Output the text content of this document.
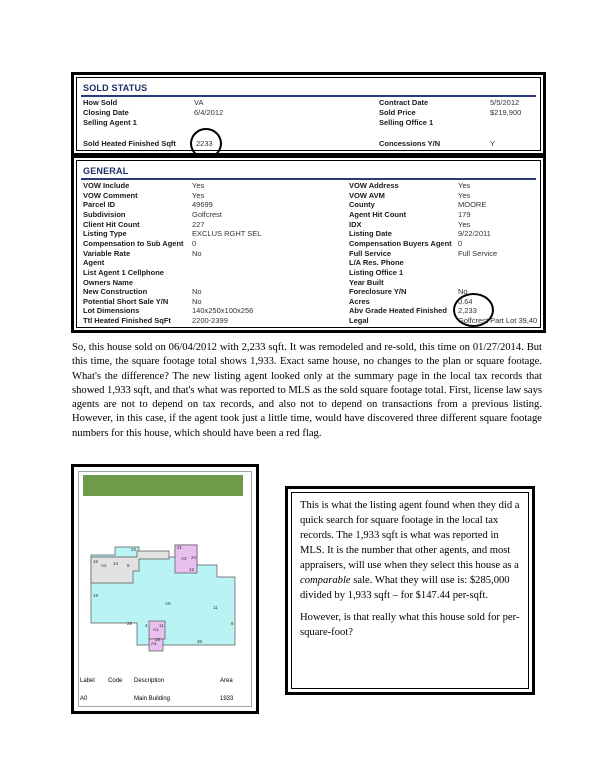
SOLD STATUS
How Sold	VA
Closing Date	6/4/2012
Selling Agent 1
Sold Heated Finished Sqft	2233
Contract Date	5/5/2012
Sold Price	$219,900
Selling Office 1
Concessions Y/N	Y
GENERAL
VOW Include	Yes
VOW Comment	Yes
Parcel ID	49699
Subdivision	Golfcrest
Client Hit Count	227
Listing Type	EXCLUS RGHT SEL
Compensation to Sub Agent 0
Variable Rate	No
Agent
List Agent 1 Cellphone
Owners Name
New Construction	No
Potential Short Sale Y/N	No
Lot Dimensions	140x250x100x256
Ttl Heated Finished SqFt	2200-2399
VOW Address	Yes
VOW AVM	Yes
County	MOORE
Agent Hit Count	179
IDX	Yes
Listing Date	9/22/2011
Compensation Buyers Agent 0
Full Service	Full Service
L/A Res. Phone
Listing Office 1
Year Built
Foreclosure Y/N	No
Acres	0.64
Abv Grade Heated Finished 2,233
Legal	Golfcrest Part Lot 39,40
So, this house sold on 06/04/2012 with 2,233 sqft. It was remodeled and re-sold, this time on 01/27/2014. But this time, the square footage total shows 1,933. Exact same house, no changes to the plan or square footage. What's the difference? The new listing agent looked only at the summary page in the local tax records that showed 1,933 sqft, and that's what was reported to MLS as the sold square footage total. First, license law says agents are not to depend on tax records, and also not to depend on transactions from a previous listing. However, in this case, if the agent took just a little time, would have discovered three different square footage numbers for this house, which should have been a red flag.
16
A2 14
22
8
21
A3 24
12
19
A0
11
29	4
A1
A4
11
10	38
6
Label Code Description	Area
A0	Main Building	1933

This is what the listing agent found when they did a quick search for square footage in the local tax records. The 1,933 sqft is what was reported in MLS. It is the number that other agents, and most appraisers, will use when they select this house as a comparable sale. What they will use is: $285,000 divided by 1,933 sqft – for $147.44 per-sqft.

However, is that really what this house sold for per-square-foot?
